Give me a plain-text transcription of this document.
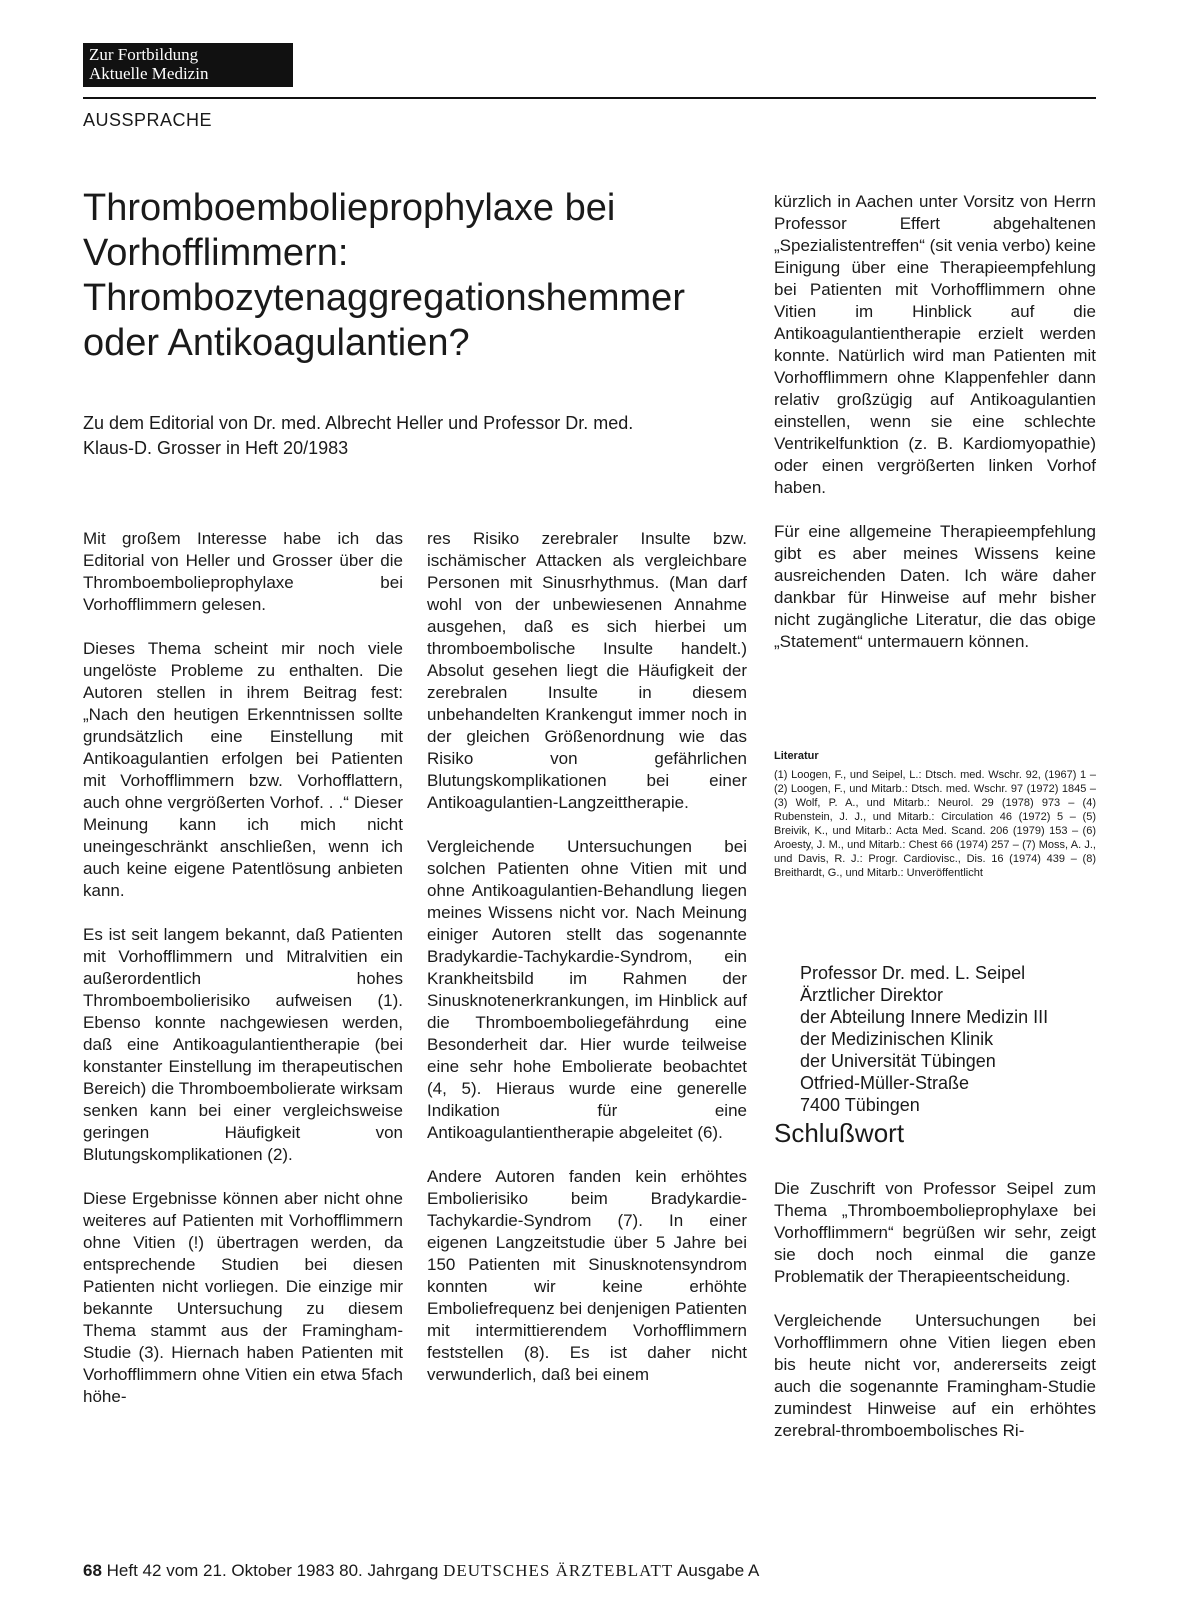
Zur Fortbildung
Aktuelle Medizin
AUSSPRACHE
Thromboembolieprophylaxe bei Vorhofflimmern: Thrombozytenaggregationshemmer oder Antikoagulantien?
Zu dem Editorial von Dr. med. Albrecht Heller und Professor Dr. med. Klaus-D. Grosser in Heft 20/1983

Mit großem Interesse habe ich das Editorial von Heller und Grosser über die Thromboembolieprophylaxe bei Vorhofflimmern gelesen.

Dieses Thema scheint mir noch viele ungelöste Probleme zu enthalten. Die Autoren stellen in ihrem Beitrag fest: „Nach den heutigen Erkenntnissen sollte grundsätzlich eine Einstellung mit Antikoagulantien erfolgen bei Patienten mit Vorhofflimmern bzw. Vorhofflattern, auch ohne vergrößerten Vorhof. . .“ Dieser Meinung kann ich mich nicht uneingeschränkt anschließen, wenn ich auch keine eigene Patentlösung anbieten kann.

Es ist seit langem bekannt, daß Patienten mit Vorhofflimmern und Mitralvitien ein außerordentlich hohes Thromboembolierisiko aufweisen (1). Ebenso konnte nachgewiesen werden, daß eine Antikoagulantientherapie (bei konstanter Einstellung im therapeutischen Bereich) die Thromboembolierate wirksam senken kann bei einer vergleichsweise geringen Häufigkeit von Blutungskomplikationen (2).

Diese Ergebnisse können aber nicht ohne weiteres auf Patienten mit Vorhofflimmern ohne Vitien (!) übertragen werden, da entsprechende Studien bei diesen Patienten nicht vorliegen. Die einzige mir bekannte Untersuchung zu diesem Thema stammt aus der Framingham-Studie (3). Hiernach haben Patienten mit Vorhofflimmern ohne Vitien ein etwa 5fach höhe-

res Risiko zerebraler Insulte bzw. ischämischer Attacken als vergleichbare Personen mit Sinusrhythmus. (Man darf wohl von der unbewiesenen Annahme ausgehen, daß es sich hierbei um thromboembolische Insulte handelt.) Absolut gesehen liegt die Häufigkeit der zerebralen Insulte in diesem unbehandelten Krankengut immer noch in der gleichen Größenordnung wie das Risiko von gefährlichen Blutungskomplikationen bei einer Antikoagulantien-Langzeittherapie.

Vergleichende Untersuchungen bei solchen Patienten ohne Vitien mit und ohne Antikoagulantien-Behandlung liegen meines Wissens nicht vor. Nach Meinung einiger Autoren stellt das sogenannte Bradykardie-Tachykardie-Syndrom, ein Krankheitsbild im Rahmen der Sinusknotenerkrankungen, im Hinblick auf die Thromboemboliegefährdung eine Besonderheit dar. Hier wurde teilweise eine sehr hohe Embolierate beobachtet (4, 5). Hieraus wurde eine generelle Indikation für eine Antikoagulantientherapie abgeleitet (6).

Andere Autoren fanden kein erhöhtes Embolierisiko beim Bradykardie-Tachykardie-Syndrom (7). In einer eigenen Langzeitstudie über 5 Jahre bei 150 Patienten mit Sinusknotensyndrom konnten wir keine erhöhte Emboliefrequenz bei denjenigen Patienten mit intermittierendem Vorhofflimmern feststellen (8). Es ist daher nicht verwunderlich, daß bei einem

kürzlich in Aachen unter Vorsitz von Herrn Professor Effert abgehaltenen „Spezialistentreffen“ (sit venia verbo) keine Einigung über eine Therapieempfehlung bei Patienten mit Vorhofflimmern ohne Vitien im Hinblick auf die Antikoagulantientherapie erzielt werden konnte. Natürlich wird man Patienten mit Vorhofflimmern ohne Klappenfehler dann relativ großzügig auf Antikoagulantien einstellen, wenn sie eine schlechte Ventrikelfunktion (z. B. Kardiomyopathie) oder einen vergrößerten linken Vorhof haben.

Für eine allgemeine Therapieempfehlung gibt es aber meines Wissens keine ausreichenden Daten. Ich wäre daher dankbar für Hinweise auf mehr bisher nicht zugängliche Literatur, die das obige „Statement“ untermauern können.

Literatur
(1) Loogen, F., und Seipel, L.: Dtsch. med. Wschr. 92, (1967) 1 – (2) Loogen, F., und Mitarb.: Dtsch. med. Wschr. 97 (1972) 1845 – (3) Wolf, P. A., und Mitarb.: Neurol. 29 (1978) 973 – (4) Rubenstein, J. J., und Mitarb.: Circulation 46 (1972) 5 – (5) Breivik, K., und Mitarb.: Acta Med. Scand. 206 (1979) 153 – (6) Aroesty, J. M., und Mitarb.: Chest 66 (1974) 257 – (7) Moss, A. J., und Davis, R. J.: Progr. Cardiovisc., Dis. 16 (1974) 439 – (8) Breithardt, G., und Mitarb.: Unveröffentlicht
Professor Dr. med. L. Seipel
Ärztlicher Direktor
der Abteilung Innere Medizin III
der Medizinischen Klinik
der Universität Tübingen
Otfried-Müller-Straße
7400 Tübingen
Schlußwort

Die Zuschrift von Professor Seipel zum Thema „Thromboembolieprophylaxe bei Vorhofflimmern“ begrüßen wir sehr, zeigt sie doch noch einmal die ganze Problematik der Therapieentscheidung.

Vergleichende Untersuchungen bei Vorhofflimmern ohne Vitien liegen eben bis heute nicht vor, andererseits zeigt auch die sogenannte Framingham-Studie zumindest Hinweise auf ein erhöhtes zerebral-thromboembolisches Ri-

68 Heft 42 vom 21. Oktober 1983 80. Jahrgang DEUTSCHES ÄRZTEBLATT Ausgabe A
